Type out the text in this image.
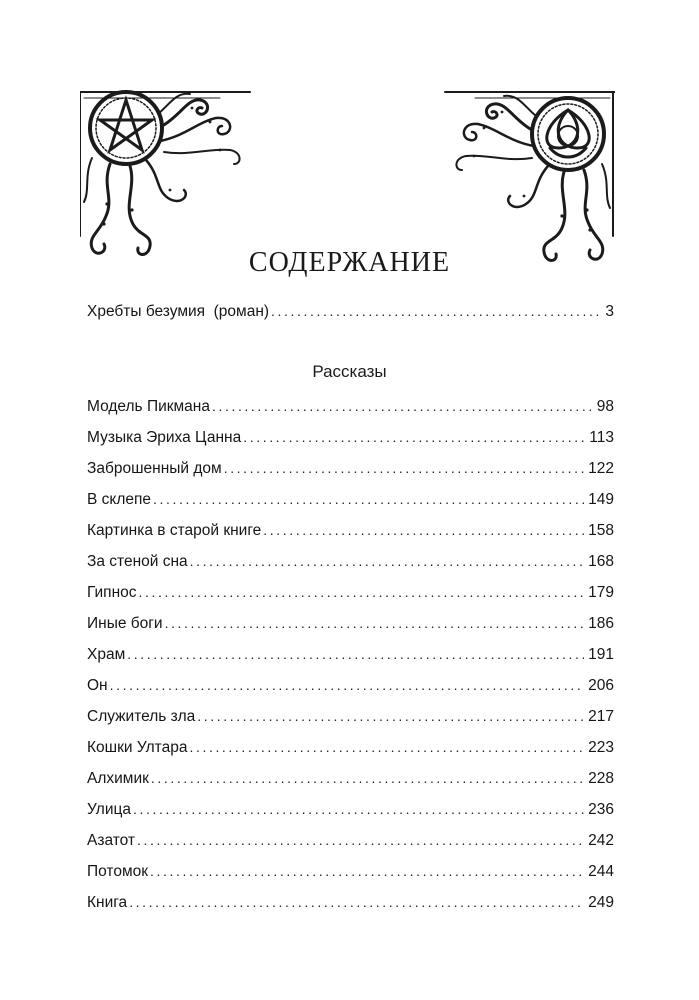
СОДЕРЖАНИЕ
Хребты безумия  (роман) .....	3
Рассказы
Модель Пикмана .....	98
Музыка Эриха Цанна .....	113
Заброшенный дом .....	122
В склепе .....	149
Картинка в старой книге .....	158
За стеной сна .....	168
Гипнос .....	179
Иные боги .....	186
Храм .....	191
Он .....	206
Служитель зла .....	217
Кошки Ултара .....	223
Алхимик .....	228
Улица .....	236
Азатот .....	242
Потомок .....	244
Книга .....	249
